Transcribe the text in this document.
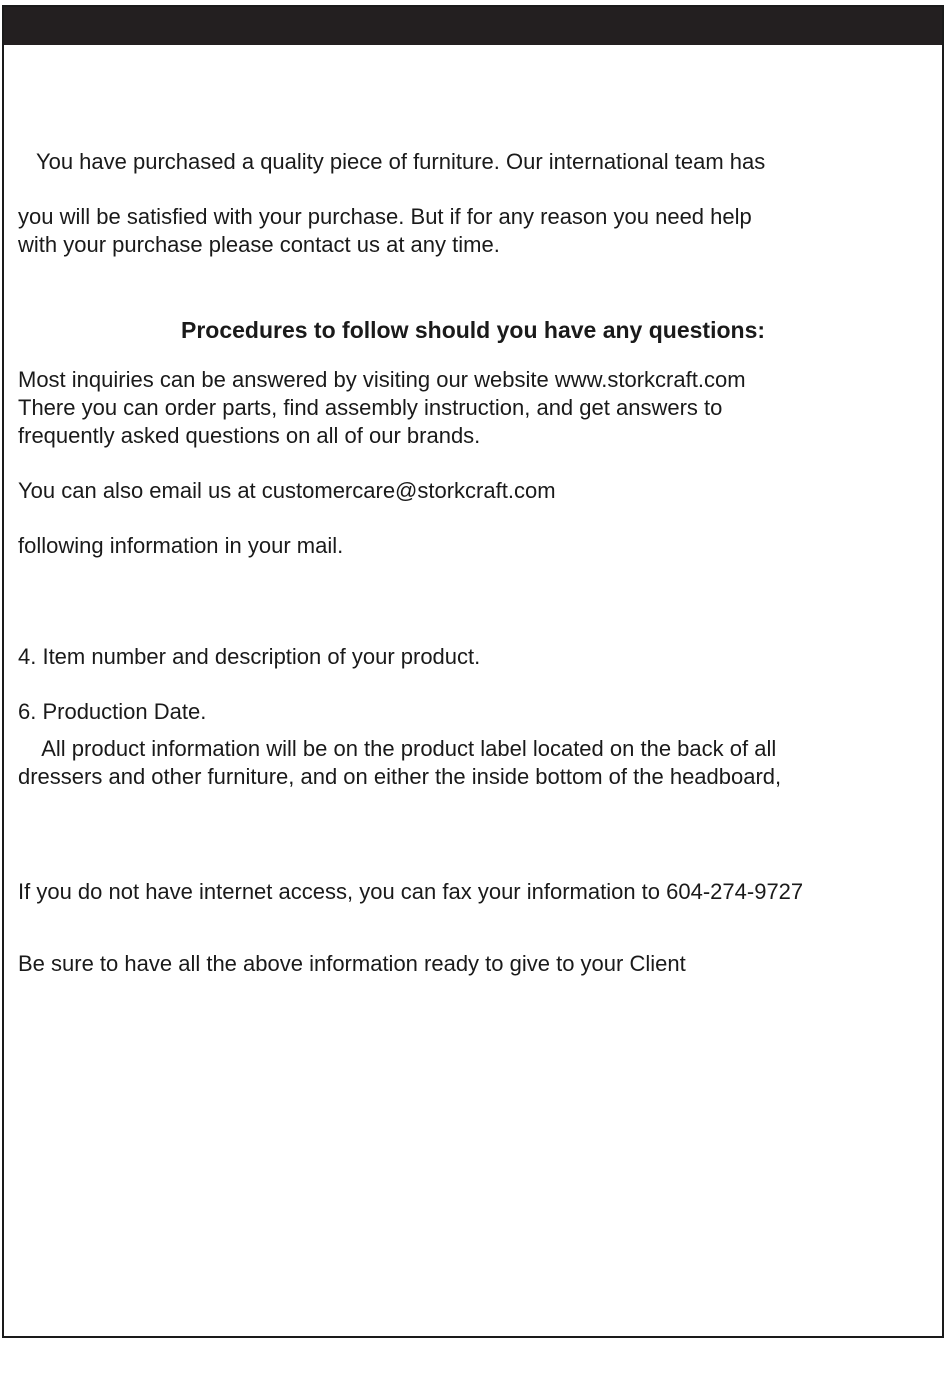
You have purchased a quality piece of furniture. Our international team has

you will be satisfied with your purchase. But if for any reason you need help

with your purchase please contact us at any time.

Procedures to follow should you have any questions:

Most inquiries can be answered by visiting our website www.storkcraft.com

There you can order parts, find assembly instruction, and get answers to

frequently asked questions on all of our brands.

You can also email us at customercare@storkcraft.com

following information in your mail.

4. Item number and description of your product.

6. Production Date.

All product information will be on the product label located on the back of all

dressers and other furniture, and on either the inside bottom of the headboard,

If you do not have internet access, you can fax your information to 604-274-9727

Be sure to have all the above information ready to give to your Client
